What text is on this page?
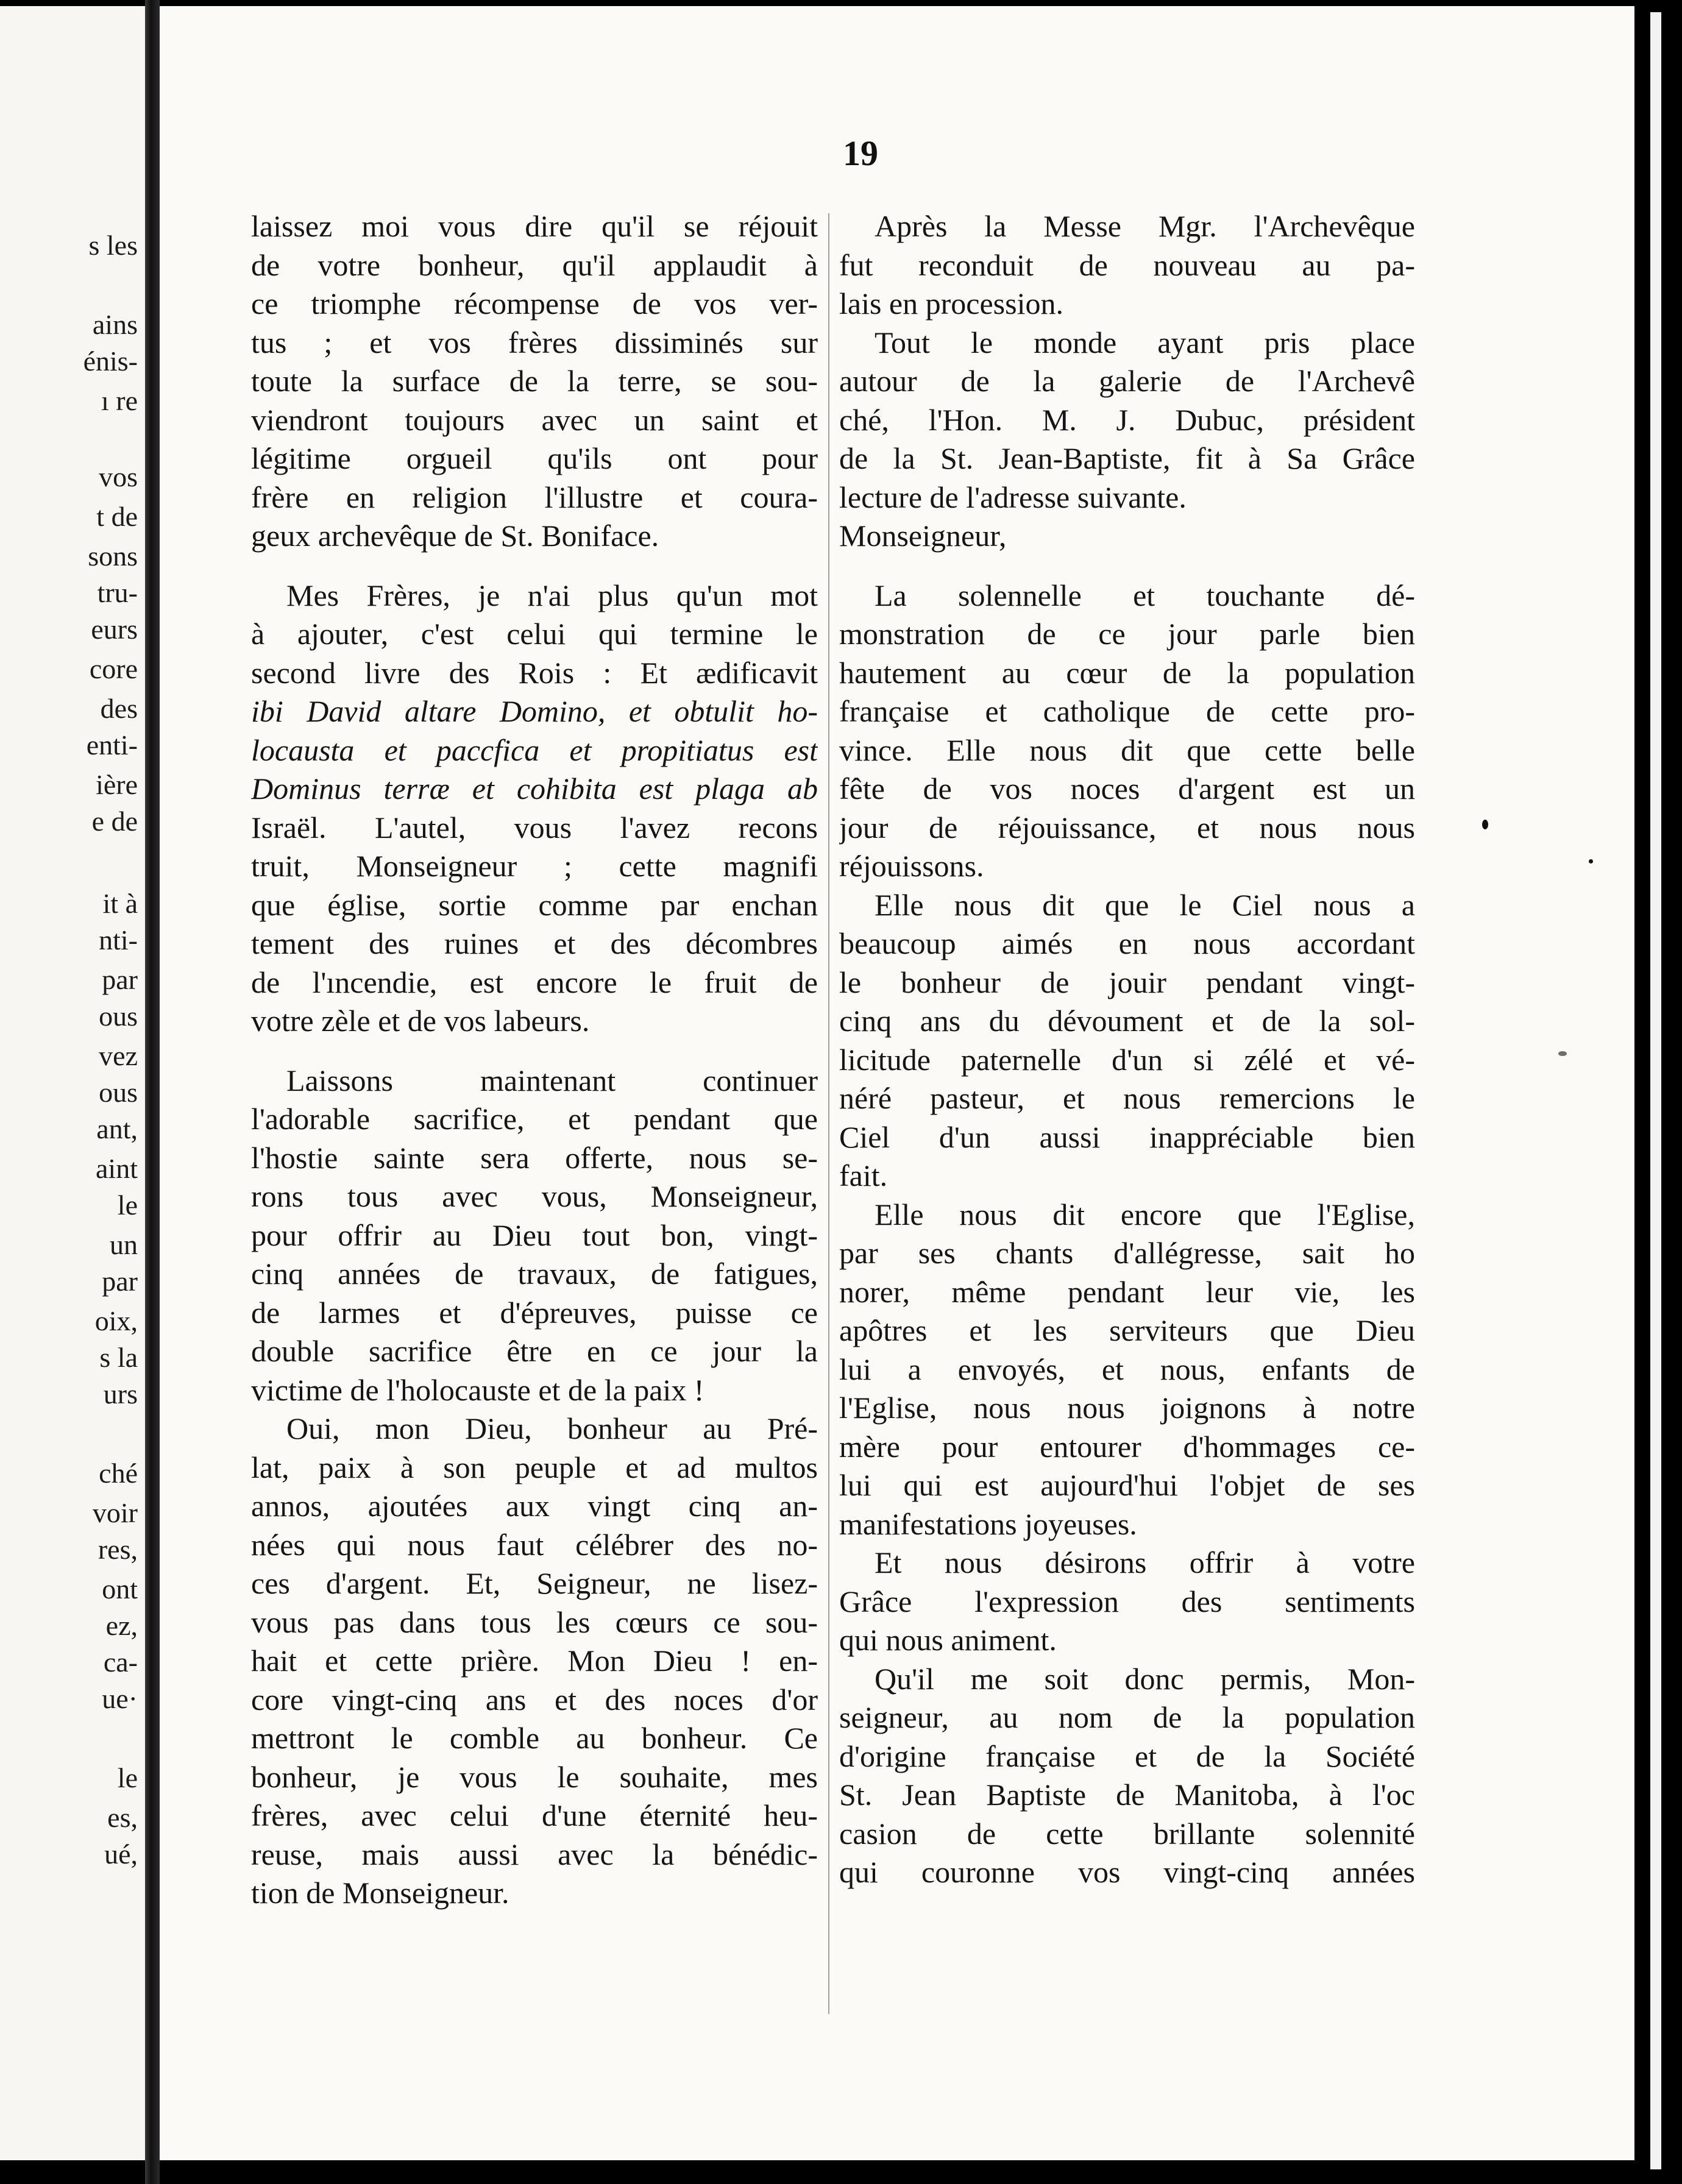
s les
ains
énis-
ı re
vos
t de
sons
tru-
eurs
core
des
enti-
ière
e de
it à
nti-
par
ous
vez
ous
ant,
aint
le
un
par
oix,
s la
urs
ché
voir
res,
ont
ez,
ca-
ue·
le
es,
ué,
19
laissez moi vous dire qu'il se réjouit
de votre bonheur, qu'il applaudit à
ce triomphe récompense de vos ver-
tus ; et vos frères dissiminés sur
toute la surface de la terre, se sou-
viendront toujours avec un saint et
légitime orgueil qu'ils ont pour
frère en religion l'illustre et coura-
geux archevêque de St. Boniface.
Mes Frères, je n'ai plus qu'un mot
à ajouter, c'est celui qui termine le
second livre des Rois : Et ædificavit
ibi David altare Domino, et obtulit ho-
locausta et paccfica et propitiatus est
Dominus terræ et cohibita est plaga ab
Israël. L'autel, vous l'avez recons
truit, Monseigneur ; cette magnifi
que église, sortie comme par enchan
tement des ruines et des décombres
de l'ıncendie, est encore le fruit de
votre zèle et de vos labeurs.
Laissons maintenant continuer
l'adorable sacrifice, et pendant que
l'hostie sainte sera offerte, nous se-
rons tous avec vous, Monseigneur,
pour offrir au Dieu tout bon, vingt-
cinq années de travaux, de fatigues,
de larmes et d'épreuves, puisse ce
double sacrifice être en ce jour la
victime de l'holocauste et de la paix !
Oui, mon Dieu, bonheur au Pré-
lat, paix à son peuple et ad multos
annos, ajoutées aux vingt cinq an-
nées qui nous faut célébrer des no-
ces d'argent. Et, Seigneur, ne lisez-
vous pas dans tous les cœurs ce sou-
hait et cette prière. Mon Dieu ! en-
core vingt-cinq ans et des noces d'or
mettront le comble au bonheur. Ce
bonheur, je vous le souhaite, mes
frères, avec celui d'une éternité heu-
reuse, mais aussi avec la bénédic-
tion de Monseigneur.
Après la Messe Mgr. l'Archevêque
fut reconduit de nouveau au pa-
lais en procession.
Tout le monde ayant pris place
autour de la galerie de l'Archevê
ché, l'Hon. M. J. Dubuc, président
de la St. Jean-Baptiste, fit à Sa Grâce
lecture de l'adresse suivante.
Monseigneur,
La solennelle et touchante dé-
monstration de ce jour parle bien
hautement au cœur de la population
française et catholique de cette pro-
vince. Elle nous dit que cette belle
fête de vos noces d'argent est un
jour de réjouissance, et nous nous
réjouissons.
Elle nous dit que le Ciel nous a
beaucoup aimés en nous accordant
le bonheur de jouir pendant vingt-
cinq ans du dévoument et de la sol-
licitude paternelle d'un si zélé et vé-
néré pasteur, et nous remercions le
Ciel d'un aussi inappréciable bien
fait.
Elle nous dit encore que l'Eglise,
par ses chants d'allégresse, sait ho
norer, même pendant leur vie, les
apôtres et les serviteurs que Dieu
lui a envoyés, et nous, enfants de
l'Eglise, nous nous joignons à notre
mère pour entourer d'hommages ce-
lui qui est aujourd'hui l'objet de ses
manifestations joyeuses.
Et nous désirons offrir à votre
Grâce l'expression des sentiments
qui nous animent.
Qu'il me soit donc permis, Mon-
seigneur, au nom de la population
d'origine française et de la Société
St. Jean Baptiste de Manitoba, à l'oc
casion de cette brillante solennité
qui couronne vos vingt-cinq années
